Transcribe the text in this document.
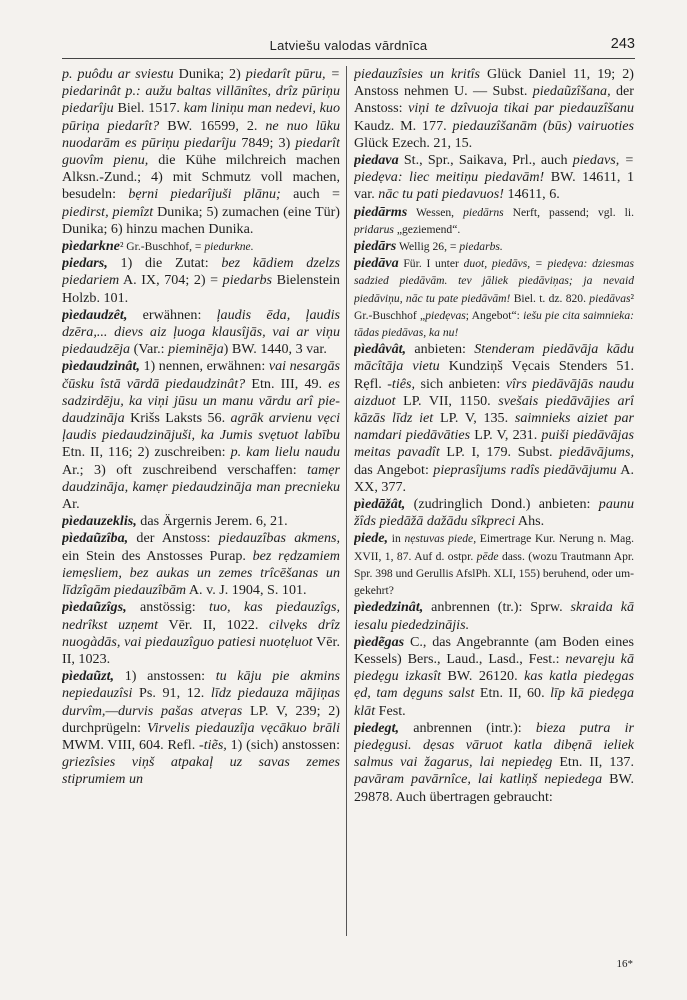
Latviešu valodas vārdnīca	243

p. puôdu ar sviestu Dunika; 2) piedarît pūru, = piedarinât p.: aužu baltas villānîtes, drîz pūriņu piedarîju Biel. 1517. kam liniņu man nedevi, kuo pūriņa piedarît? BW. 16599, 2. ne nuo lūku nuodarām es pūriņu piedarîju 7849; 3) piedarît guovîm pienu, die Kühe milchreich machen Alksn.-Zund.; 4) mit Schmutz voll machen, besudeln: bẹrni piedarîjuši plānu; auch = piedirst, piemîzt Dunika; 5) zumachen (eine Tür) Dunika; 6) hinzu machen Dunika.

pìedarkne² Gr.-Buschhof, = piedurkne.

piedars, 1) die Zutat: bez kādiem dzelzs piedariem A. IX, 704; 2) = piedarbs Bielenstein Holzb. 101.

pìedaudzêt, erwähnen: ļaudis ēda, ļaudis dzēra,... dievs aiz ļuoga klausîjās, vai ar viņu piedaudzēja (Var.: pieminēja) BW. 1440, 3 var.

pìedaudzinât, 1) nennen, erwähnen: vai nesargās čūsku îstā vārdā piedaudzinât? Etn. III, 49. es sadzirdēju, ka viņi jūsu un manu vārdu arî piedaudzināja Krišs Laksts 56. agrāk arvienu vẹci ļaudis piedaudzinājuši, ka Jumis svẹtuot labību Etn. II, 116; 2) zuschreiben: p. kam lielu naudu Ar.; 3) oft zuschreibend verschaffen: tamẹr daudzināja, kamẹr piedaudzināja man precnieku Ar.

pìedauzeklis, das Ärgernis Jerem. 6, 21.

pìedaũzîba, der Anstoss: piedauzîbas akmens, ein Stein des Anstosses Purap. bez rẹdzamiem iemẹsliem, bez aukas un zemes trîcēšanas un līdzîgām piedauzîbām A. v. J. 1904, S. 101.

pìedaũzîgs, anstössig: tuo, kas piedauzîgs, nedrîkst uzņemt Vēr. II, 1022. cilvẹks drîz nuogàdās, vai piedauzîguo patiesi nuotẹluot Vēr. II, 1023.

pìedaũzt, 1) anstossen: tu kāju pie akmins nepiedauzîsi Ps. 91, 12. līdz piedauza mājiņas durvîm,—durvis pašas atveŗas LP. V, 239; 2) durchprügeln: Virvelis piedauzîja vẹcākuo brāli MWM. VIII, 604. Refl. -tiẽs, 1) (sich) anstossen: griezîsies viņš atpakaļ uz savas zemes stiprumiem un

piedauzîsies un kritîs Glück Daniel 11, 19; 2) Anstoss nehmen U. — Subst. piedaũzîšana, der Anstoss: viņi te dzîvuoja tikai par piedauzîšanu Kaudz. M. 177. piedauzîšanām (būs) vairuoties Glück Ezech. 21, 15.

piedava St., Spr., Saikava, Prl., auch piedavs, = piedẹva: liec meitiņu piedavām! BW. 14611, 1 var. nāc tu pati piedavuos! 14611, 6.

piedārms Wessen, piedārns Nerft, passend; vgl. li. pridarus „geziemend“.

piedārs Wellig 26, = piedarbs.

piedāva Für. I unter duot, piedāvs, = piedẹva: dziesmas sadzied piedāvām. tev jāliek piedāviņas; ja nevaid piedāviņu, nāc tu pate piedāvām! Biel. t. dz. 820. piedāvas² Gr.-Buschhof „piedẹvas; Angebot“: iešu pie cita saimnieka: tādas piedāvas, ka nu!

pìedâvât, anbieten: Stenderam piedāvāja kādu mācîtāja vietu Kundziņš Vẹcais Stenders 51. Rẹfl. -tiês, sich anbieten: vîrs piedāvājās naudu aizduot LP. VII, 1150. svešais piedāvājies arî kāzās līdz iet LP. V, 135. saimnieks aiziet par namdari piedāvāties LP. V, 231. puiši piedāvājas meitas pavadît LP. I, 179. Subst. piedāvājums, das Angebot: pieprasîjums radîs piedāvājumu A. XX, 377.

pìedāžât, (zudringlich Dond.) anbieten: paunu žîds piedāžā dažādu sîkpreci Ahs.

piede, in nẹstuvas piede, Eimertrage Kur. Nerung n. Mag. XVII, 1, 87. Auf d. ostpr. pēde dass. (wozu Trautmann Apr. Spr. 398 und Gerullis AfslPh. XLI, 155) beruhend, oder umgekehrt?

pìededzinât, anbrennen (tr.): Sprw. skraida kā iesalu piededzinājis.

pìedẽgas C., das Angebrannte (am Boden eines Kessels) Bers., Laud., Lasd., Fest.: nevarẹju kā piedẹgu izkasît BW. 26120. kas katla piedẹgas ẹd, tam dẹguns salst Etn. II, 60. līp kā piedẹga klāt Fest.

piedegt, anbrennen (intr.): bieza putra ir piedẹgusi. dẹsas vāruot katla dibẹnā ieliek salmus vai žagarus, lai nepiedẹg Etn. II, 137. pavāram pavārnîce, lai katliņš nepiedega BW. 29878. Auch übertragen gebraucht:

16*
